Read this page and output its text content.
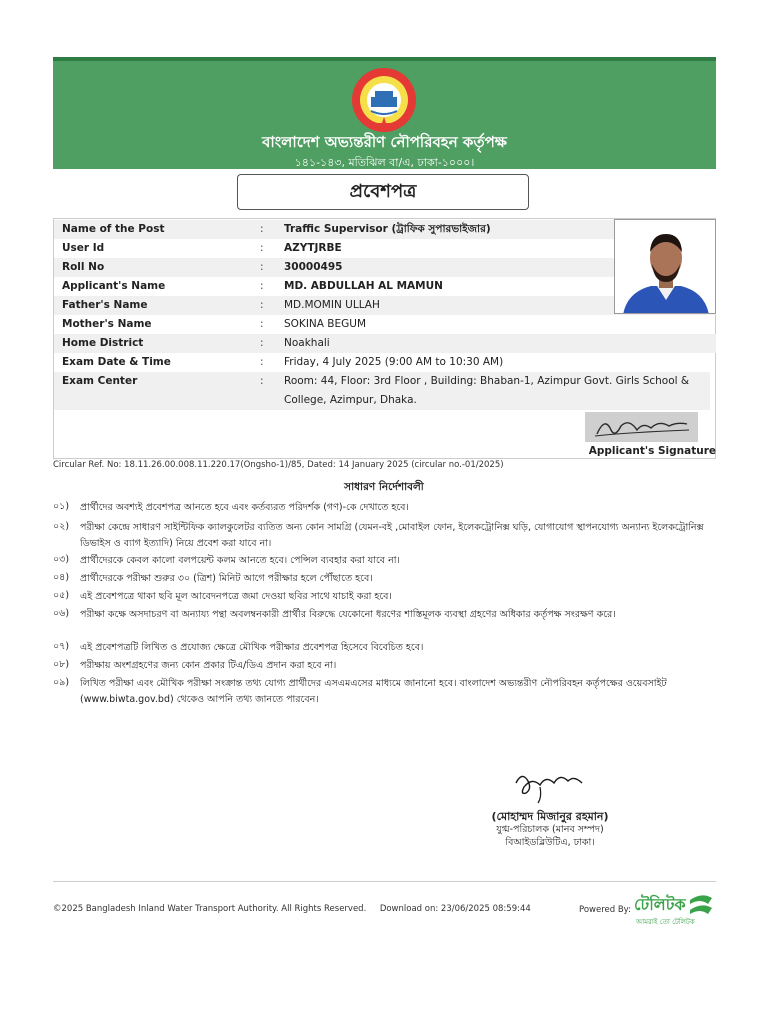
বাংলাদেশ অভ্যন্তরীণ নৌপরিবহন কর্তৃপক্ষ
১৪১-১৪৩, মতিঝিল বা/এ, ঢাকা-১০০০।
প্রবেশপত্র
Name of the Post	:	Traffic Supervisor (ট্রাফিক সুপারভাইজার)
User Id	:	AZYTJRBE
Roll No	:	30000495
Applicant's Name	:	MD. ABDULLAH AL MAMUN
Father's Name	:	MD.MOMIN ULLAH
Mother's Name	:	SOKINA BEGUM
Home District	:	Noakhali
Exam Date & Time	:	Friday, 4 July 2025 (9:00 AM to 10:30 AM)
Exam Center	:	Room: 44, Floor: 3rd Floor , Building: Bhaban-1, Azimpur Govt. Girls School & College, Azimpur, Dhaka.
Applicant's Signature
Circular Ref. No: 18.11.26.00.008.11.220.17(Ongsho-1)/85, Dated: 14 January 2025 (circular no.-01/2025)
সাধারণ নির্দেশাবলী
০১) প্রার্থীদের অবশ্যই প্রবেশপত্র আনতে হবে এবং কর্তব্যরত পরিদর্শক (গণ)-কে দেখাতে হবে।
০২) পরীক্ষা কেন্দ্রে সাধারণ সাইন্টিফিক ক্যালকুলেটর ব্যতিত অন্য কোন সামগ্রি (যেমন-বই ,মোবাইল ফোন, ইলেকট্রোনিক্স ঘড়ি, যোগাযোগ স্থাপনযোগ্য অন্যান্য ইলেকট্রোনিক্স ডিভাইস ও ব্যাগ ইত্যাদি) নিয়ে প্রবেশ করা যাবে না।
০৩) প্রার্থীদেরকে কেবল কালো বলপয়েন্ট কলম আনতে হবে। পেন্সিল ব্যবহার করা যাবে না।
০৪) প্রার্থীদেরকে পরীক্ষা শুরুর ৩০ (ত্রিশ) মিনিট আগে পরীক্ষার হলে পৌঁছাতে হবে।
০৫) এই প্রবেশপত্রে থাকা ছবি মূল আবেদনপত্রে জমা দেওয়া ছবির সাথে যাচাই করা হবে।
০৬) পরীক্ষা কক্ষে অসদাচরণ বা অন্যায্য পন্থা অবলম্বনকারী প্রার্থীর বিরুদ্ধে যেকোনো ধরণের শাস্তিমূলক ব্যবস্থা গ্রহণের অধিকার কর্তৃপক্ষ সংরক্ষণ করে।
০৭) এই প্রবেশপত্রটি লিখিত ও প্রযোজ্য ক্ষেত্রে মৌখিক পরীক্ষার প্রবেশপত্র হিসেবে বিবেচিত হবে।
০৮) পরীক্ষায় অংশগ্রহণের জন্য কোন প্রকার টিএ/ডিএ প্রদান করা হবে না।
০৯) লিখিত পরীক্ষা এবং মৌখিক পরীক্ষা সংক্রান্ত তথ্য যোগ্য প্রার্থীদের এসএমএসের মাধ্যমে জানানো হবে। বাংলাদেশ অভ্যন্তরীণ নৌপরিবহন কর্তৃপক্ষের ওয়েবসাইট (www.biwta.gov.bd) থেকেও আপনি তথ্য জানতে পারবেন।
(মোহাম্মদ মিজানুর রহমান)
যুগ্ম-পরিচালক (মানব সম্পদ)
বিআইডব্লিউটিএ, ঢাকা।
©2025 Bangladesh Inland Water Transport Authority. All Rights Reserved. Download on: 23/06/2025 08:59:44	Powered By: টেলিটক
আমরাই তো টেলিটক
